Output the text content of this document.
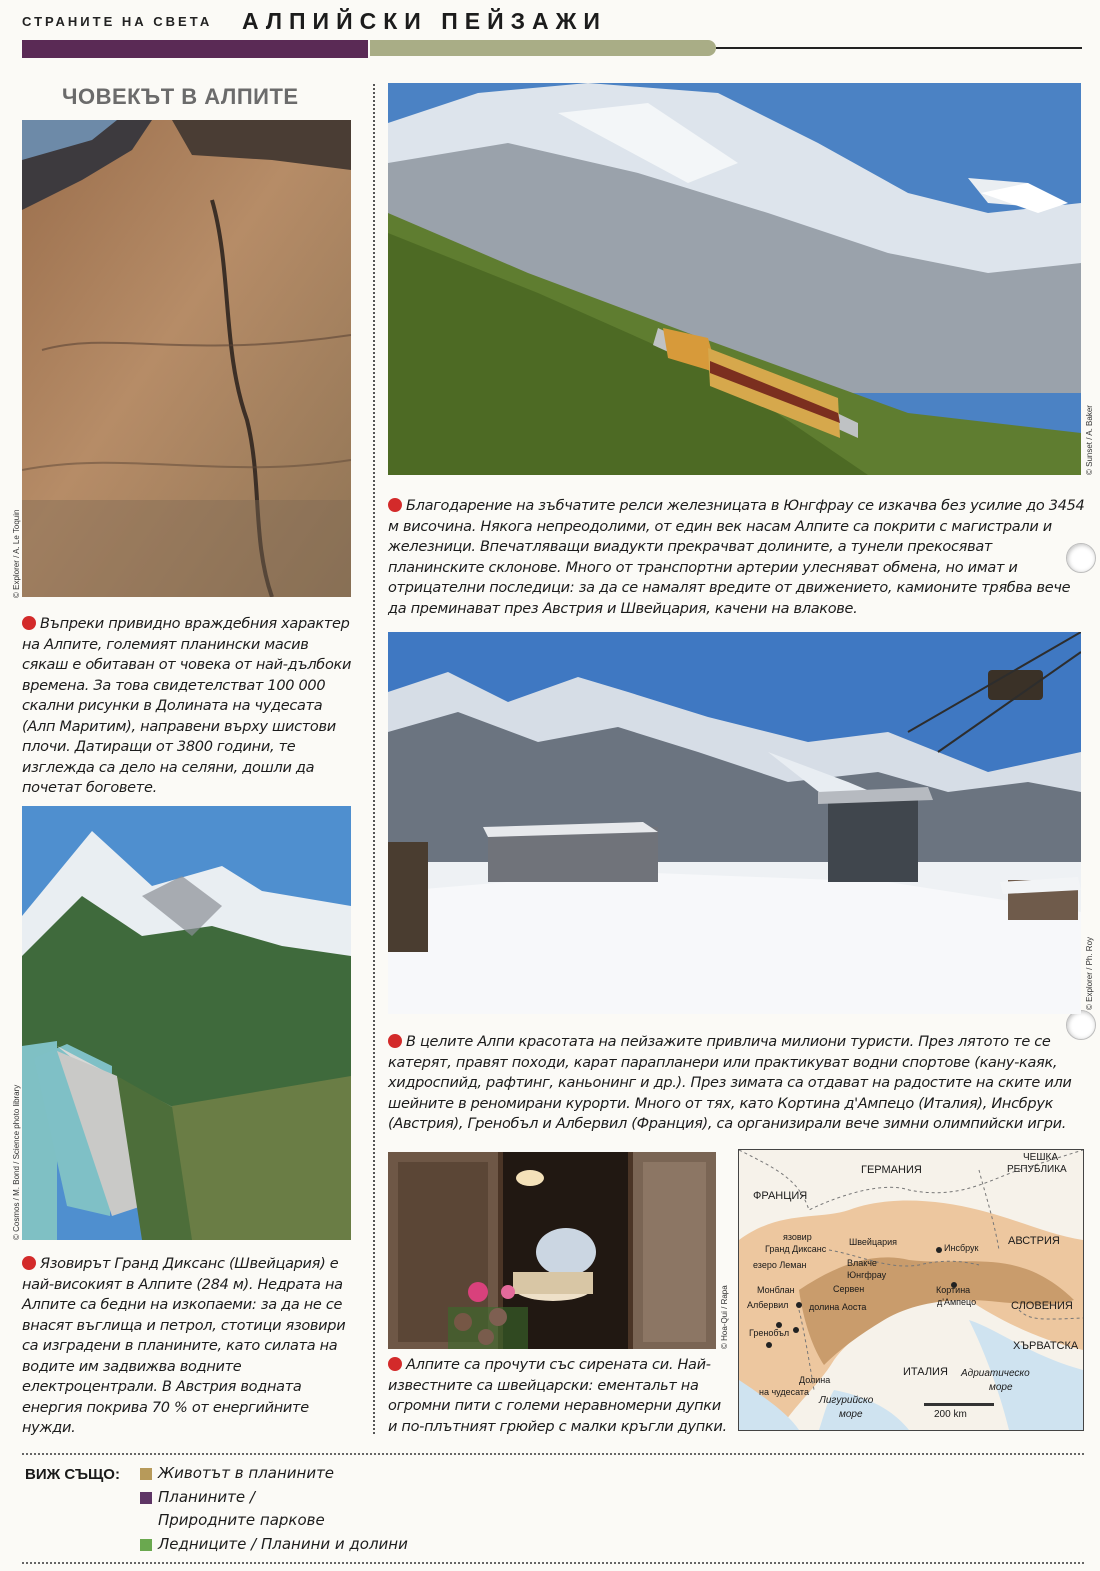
СТРАНИТЕ НА СВЕТА АЛПИЙСКИ ПЕЙЗАЖИ
ЧОВЕКЪТ В АЛПИТЕ
© Explorer / A. Le Toquin
Въпреки привидно враждебния характер на Алпите, големият планински масив сякаш е обитаван от човека от най-дълбоки времена. За това свидетелстват 100 000 скални рисунки в Долината на чудесата (Алп Маритим), направени върху шистови плочи. Датиращи от 3800 години, те изглежда са дело на селяни, дошли да почетат боговете.
© Cosmos / M. Bond / Science photo library
Язовирът Гранд Диксанс (Швейцария) е най-високият в Алпите (284 м). Недрата на Алпите са бедни на изкопаеми: за да не се внасят въглища и петрол, стотици язовири са изградени в планините, като силата на водите им задвижва водните електроцентрали. В Австрия водната енергия покрива 70 % от енергийните нужди.
© Sunset / A. Baker
Благодарение на зъбчатите релси железницата в Юнгфрау се изкачва без усилие до 3454 м височина. Някога непреодолими, от един век насам Алпите са покрити с магистрали и железници. Впечатляващи виадукти прекрачват долините, а тунели прекосяват планинските склонове. Много от транспортни артерии улесняват обмена, но имат и отрицателни последици: за да се намалят вредите от движението, камионите трябва вече да преминават през Австрия и Швейцария, качени на влакове.
© Explorer / Ph. Roy
В целите Алпи красотата на пейзажите привлича милиони туристи. През лятото те се катерят, правят походи, карат парапланери или практикуват водни спортове (кану-каяк, хидроспийд, рафтинг, каньонинг и др.). През зимата са отдават на радостите на ските или шейните в реномирани курорти. Много от тях, като Кортина д'Ампецо (Италия), Инсбрук (Австрия), Гренобъл и Албервил (Франция), са организирали вече зимни олимпийски игри.
© Hoa-Qui / Rapa
Алпите са прочути със сирената си. Най-известните са швейцарски: ементальт на огромни пити с големи неравномерни дупки и по-плътният грюйер с малки кръгли дупки.
ГЕРМАНИЯ
ЧЕШКА
РЕПУБЛИКА
ФРАНЦИЯ
АВСТРИЯ
СЛОВЕНИЯ
ХЪРВАТСКА
ИТАЛИЯ
Швейцария
язовир
Гранд Диксанс
езеро Леман	Влакчe
Юнгфрау
Сервен
Инсбрук
Кортина
д'Ампецо
Монблан
Албервил долина Аоста
Гренобъл
Долина
на чудесата
Лигурийско
море
Адриатическо
море
200 km
ВИЖ СЪЩО:	Животът в планините
Планините /
Природните паркове
Ледниците / Планини и долини
